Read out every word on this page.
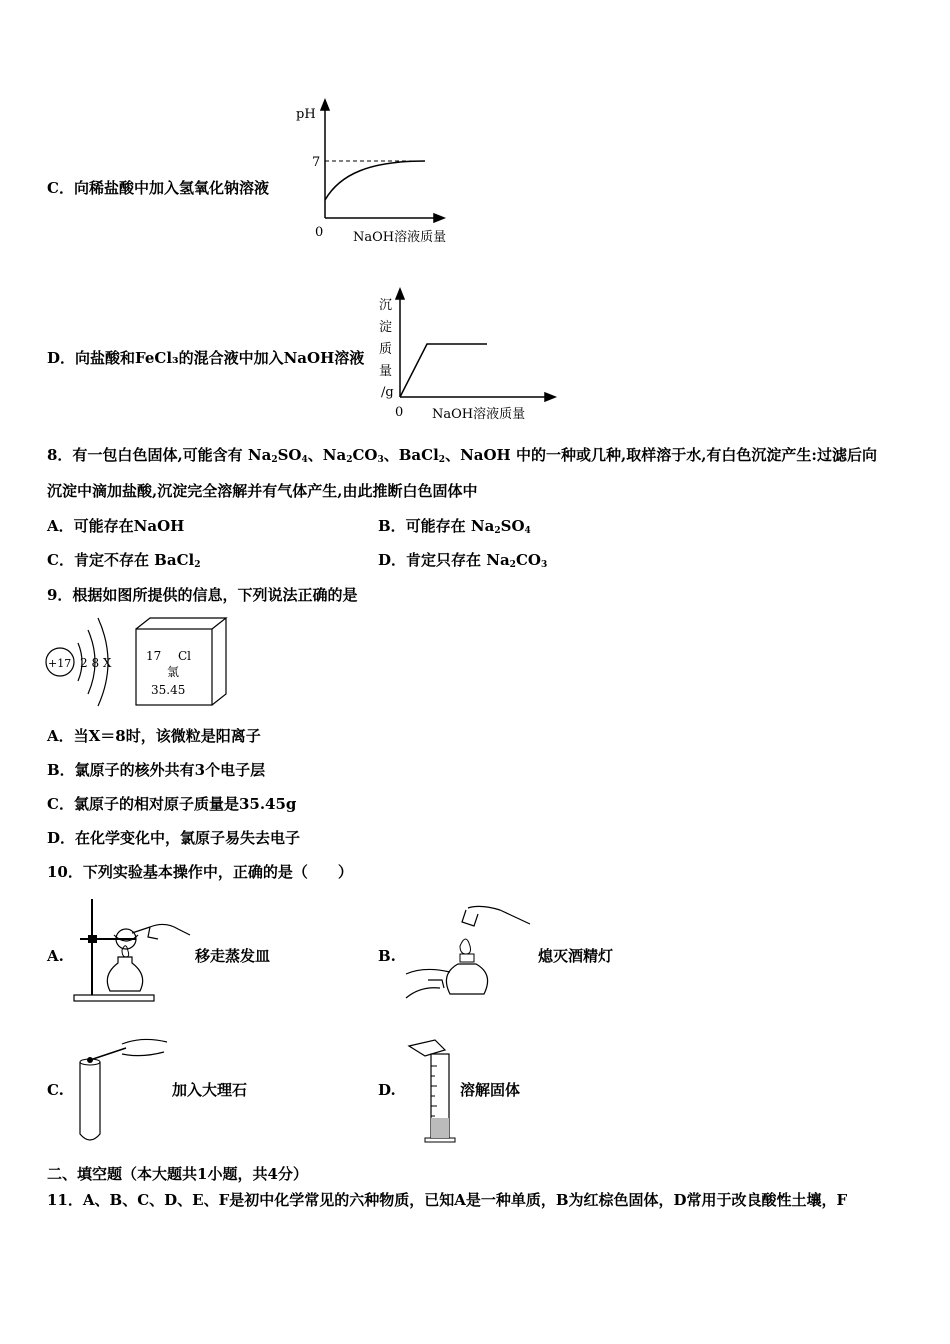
C．向稀盐酸中加入氢氧化钠溶液
pH
7
0 NaOH溶液质量
D．向盐酸和FeCl₃的混合液中加入NaOH溶液
沉
淀
质
量
/g
0 NaOH溶液质量
8．有一包白色固体,可能含有 $Na_2SO_4$、$Na_2CO_3$、BaCl$_2$、NaOH 中的一种或几种,取样溶于水,有白色沉淀产生:过滤后向
沉淀中滴加盐酸,沉淀完全溶解并有气体产生,由此推断白色固体中
A．可能存在NaOH	B．可能存在 $Na_2SO_4$
C．肯定不存在 BaCl$_2$	D．肯定只存在 $Na_2CO_3$
9．根据如图所提供的信息，下列说法正确的是
+17 2 8 X	17 Cl
氯
35.45
A．当X＝8时，该微粒是阳离子
B．氯原子的核外共有3个电子层
C．氯原子的相对原子质量是35.45g
D．在化学变化中，氯原子易失去电子
10．下列实验基本操作中，正确的是（　　）
A.	移走蒸发皿	B.	熄灭酒精灯
C.	加入大理石	D.	溶解固体
二、填空题（本大题共1小题，共4分）
11．A、B、C、D、E、F是初中化学常见的六种物质，已知A是一种单质，B为红棕色固体，D常用于改良酸性土壤，F
